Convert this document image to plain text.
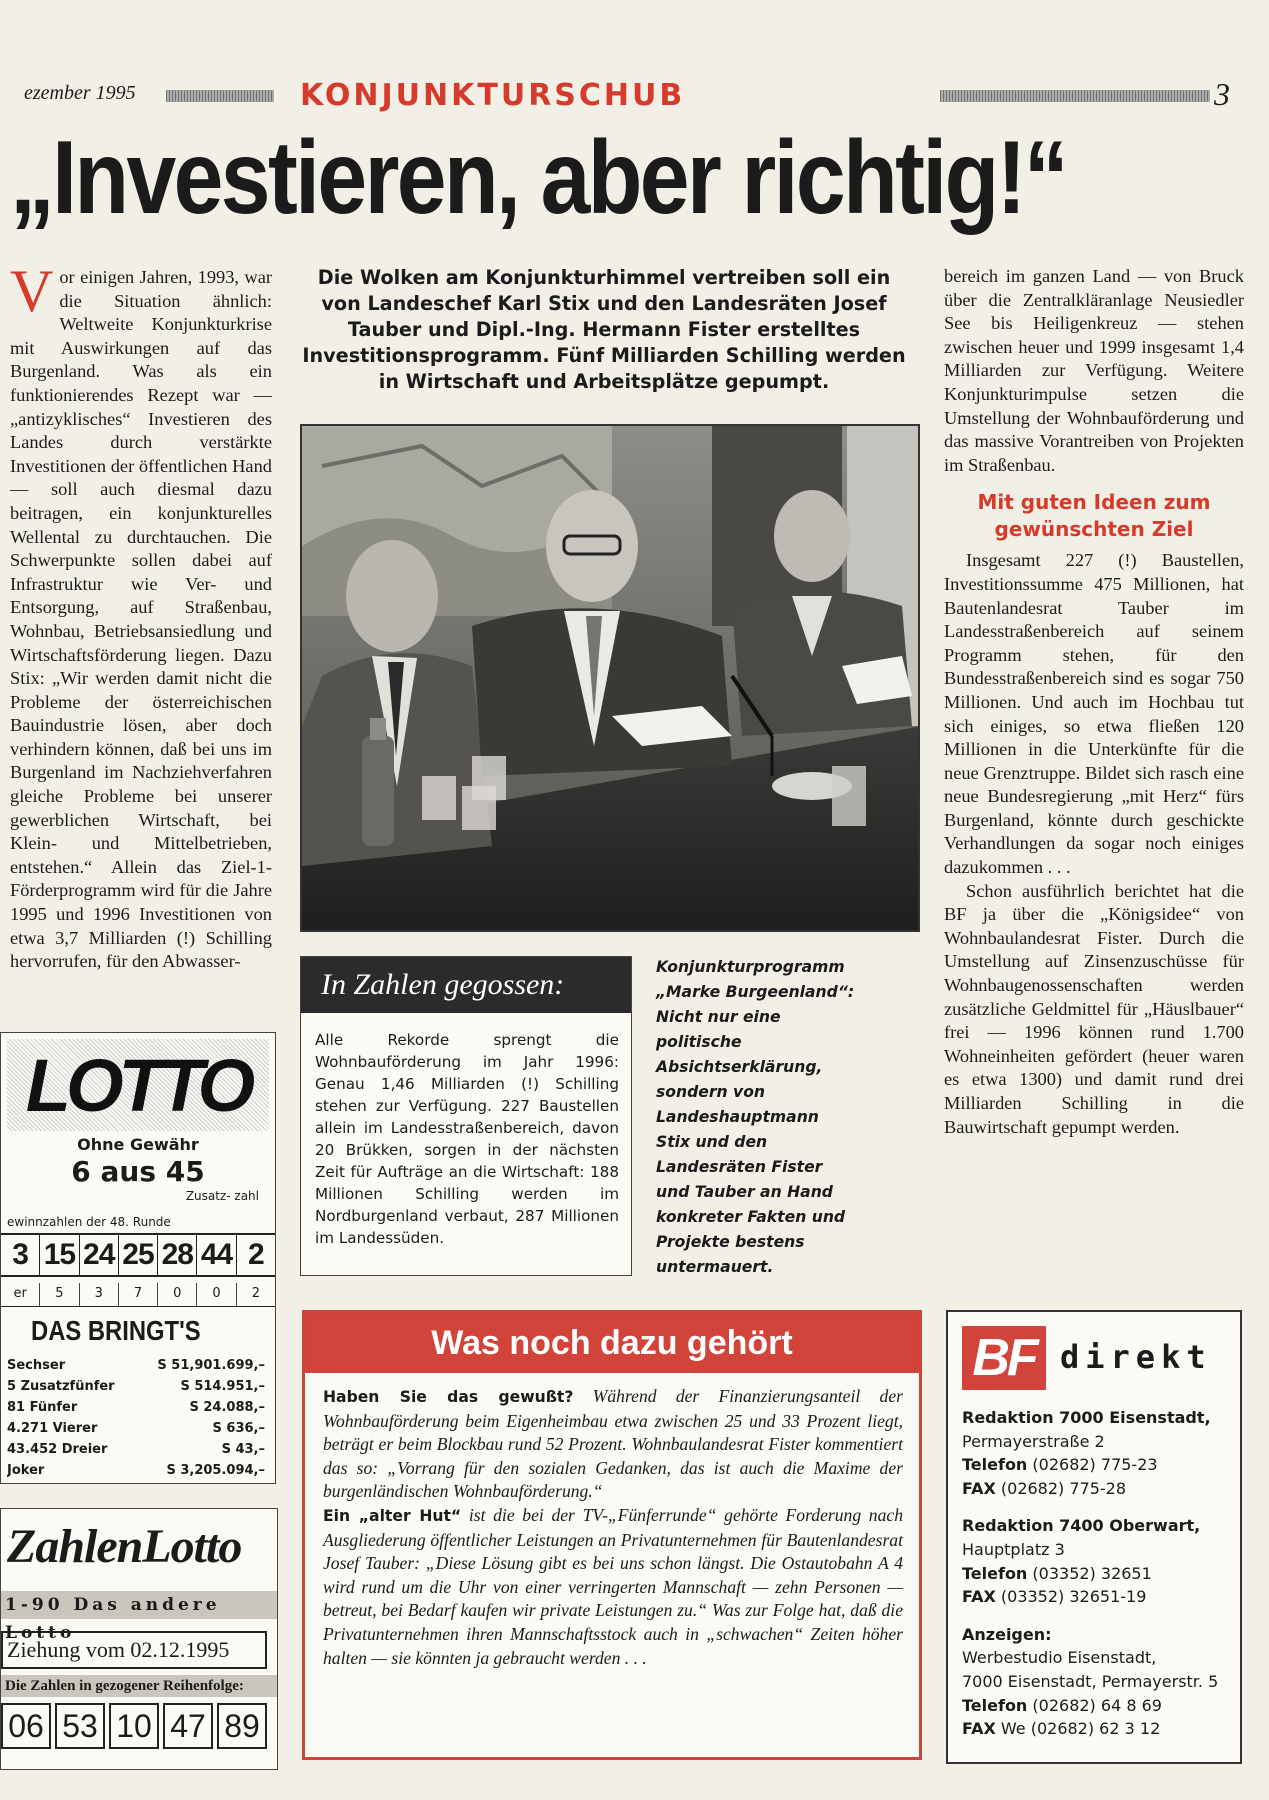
ezember 1995	KONJUNKTURSCHUB	3
„Investieren, aber richtig!“
V or einigen Jahren, 1993, war die Situation ähnlich: Weltweite Konjunkturkrise mit Auswirkungen auf das Burgenland. Was als ein funktionierendes Rezept war — „antizyklisches“ Investieren des Landes durch verstärkte Investitionen der öffentlichen Hand — soll auch diesmal dazu beitragen, ein konjunkturelles Wellental zu durchtauchen. Die Schwerpunkte sollen dabei auf Infrastruktur wie Ver- und Entsorgung, auf Straßenbau, Wohnbau, Betriebsansiedlung und Wirtschaftsförderung liegen. Dazu Stix: „Wir werden damit nicht die Probleme der österreichischen Bauindustrie lösen, aber doch verhindern können, daß bei uns im Burgenland im Nachziehverfahren gleiche Probleme bei unserer gewerblichen Wirtschaft, bei Klein- und Mittelbetrieben, entstehen.“ Allein das Ziel-1-Förderprogramm wird für die Jahre 1995 und 1996 Investitionen von etwa 3,7 Milliarden (!) Schilling hervorrufen, für den Abwasser-
Die Wolken am Konjunkturhimmel vertreiben soll ein von Landeschef Karl Stix und den Landesräten Josef Tauber und Dipl.-Ing. Hermann Fister erstelltes Investitionsprogramm. Fünf Milliarden Schilling werden in Wirtschaft und Arbeitsplätze gepumpt.
In Zahlen gegossen:
Alle Rekorde sprengt die Wohnbauförderung im Jahr 1996: Genau 1,46 Milliarden (!) Schilling stehen zur Verfügung. 227 Baustellen allein im Landesstraßenbereich, davon 20 Brükken, sorgen in der nächsten Zeit für Aufträge an die Wirtschaft: 188 Millionen Schilling werden im Nordburgenland verbaut, 287 Millionen im Landessüden.
Konjunkturprogramm „Marke Burgeenland“: Nicht nur eine politische Absichtserklärung, sondern von Landeshauptmann Stix und den Landesräten Fister und Tauber an Hand konkreter Fakten und Projekte bestens untermauert.

bereich im ganzen Land — von Bruck über die Zentralkläranlage Neusiedler See bis Heiligenkreuz — stehen zwischen heuer und 1999 insgesamt 1,4 Milliarden zur Verfügung. Weitere Konjunkturimpulse setzen die Umstellung der Wohnbauförderung und das massive Vorantreiben von Projekten im Straßenbau.

Mit guten Ideen zum gewünschten Ziel

Insgesamt 227 (!) Baustellen, Investitionssumme 475 Millionen, hat Bautenlandesrat Tauber im Landesstraßenbereich auf seinem Programm stehen, für den Bundesstraßenbereich sind es sogar 750 Millionen. Und auch im Hochbau tut sich einiges, so etwa fließen 120 Millionen in die Unterkünfte für die neue Grenztruppe. Bildet sich rasch eine neue Bundesregierung „mit Herz“ fürs Burgenland, könnte durch geschickte Verhandlungen da sogar noch einiges dazukommen . . .

Schon ausführlich berichtet hat die BF ja über die „Königsidee“ von Wohnbaulandesrat Fister. Durch die Umstellung auf Zinsenzuschüsse für Wohnbaugenossenschaften werden zusätzliche Geldmittel für „Häuslbauer“ frei — 1996 können rund 1.700 Wohneinheiten gefördert (heuer waren es etwa 1300) und damit rund drei Milliarden Schilling in die Bauwirtschaft gepumpt werden.

Was noch dazu gehört

Haben Sie das gewußt? Während der Finanzierungsanteil der Wohnbauförderung beim Eigenheimbau etwa zwischen 25 und 33 Prozent liegt, beträgt er beim Blockbau rund 52 Prozent. Wohnbaulandesrat Fister kommentiert das so: „Vorrang für den sozialen Gedanken, das ist auch die Maxime der burgenländischen Wohnbauförderung.“

Ein „alter Hut“ ist die bei der TV-„Fünferrunde“ gehörte Forderung nach Ausgliederung öffentlicher Leistungen an Privatunternehmen für Bautenlandesrat Josef Tauber: „Diese Lösung gibt es bei uns schon längst. Die Ostautobahn A 4 wird rund um die Uhr von einer verringerten Mannschaft — zehn Personen — betreut, bei Bedarf kaufen wir private Leistungen zu.“ Was zur Folge hat, daß die Privatunternehmen ihren Mannschaftsstock auch in „schwachen“ Zeiten höher halten — sie könnten ja gebraucht werden . . .

BF direkt
Redaktion 7000 Eisenstadt,
Permayerstraße 2
Telefon (02682) 775-23
FAX (02682) 775-28
Redaktion 7400 Oberwart,
Hauptplatz 3
Telefon (03352) 32651
FAX (03352) 32651-19
Anzeigen:
Werbestudio Eisenstadt,
7000 Eisenstadt, Permayerstr. 5
Telefon (02682) 64 8 69
FAX We (02682) 62 3 12
LOTTO
Ohne Gewähr
6 aus 45
Zusatz- zahl
ewinnzahlen der 48. Runde
3 15 24 25 28 44 2
er	5	3	7	0	0	2
DAS BRINGT'S
Sechser	S 51,901.699,–
5 Zusatzfünfer	S 514.951,–
81 Fünfer	S 24.088,–
4.271 Vierer	S 636,–
43.452 Dreier	S 43,–
Joker	S 3,205.094,–
ZahlenLotto
1-90 Das andere Lotto
Ziehung vom 02.12.1995
Die Zahlen in gezogener Reihenfolge:
06 53 10 47 89
